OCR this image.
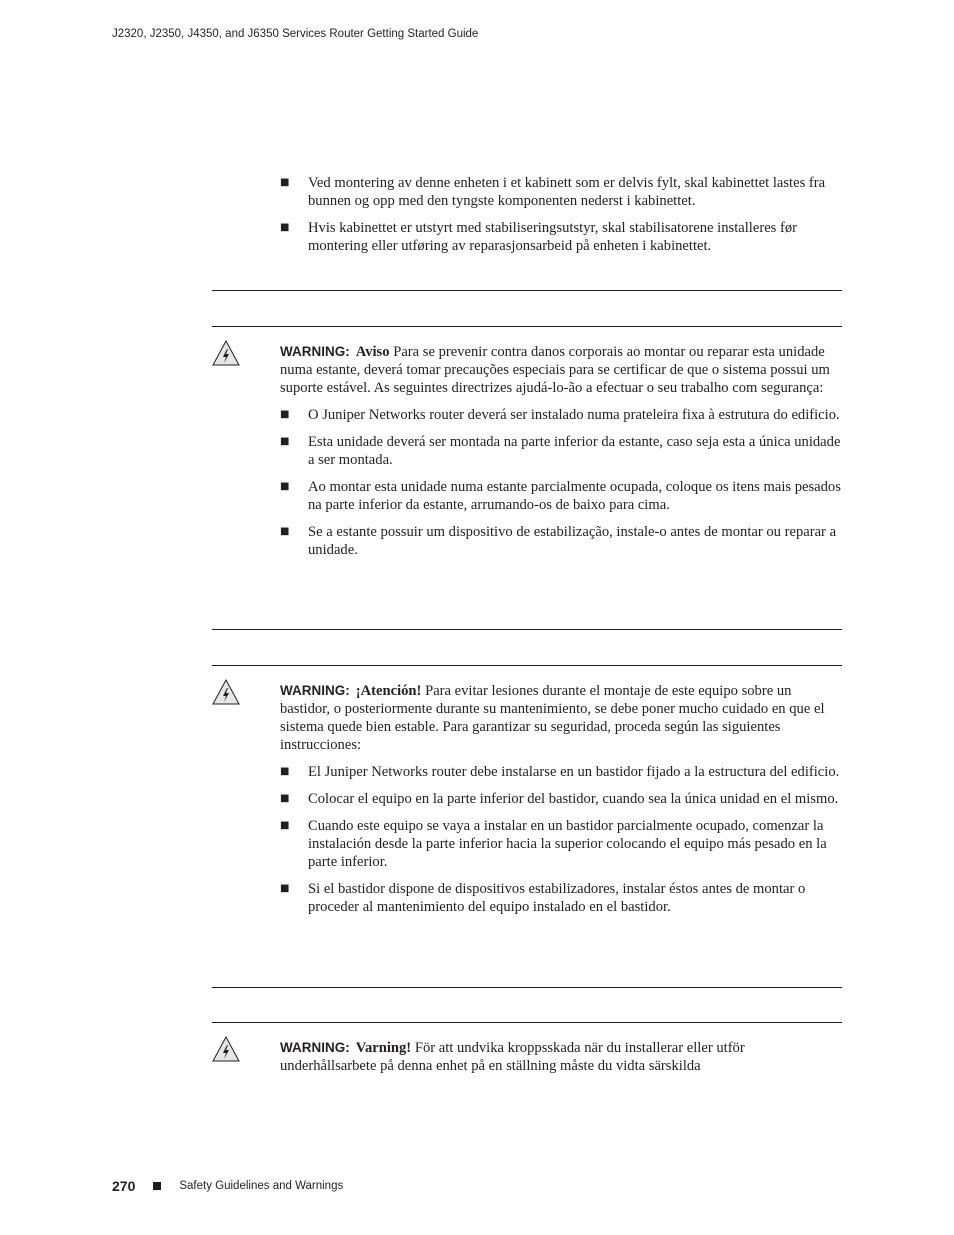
J2320, J2350, J4350, and J6350 Services Router Getting Started Guide
■ Ved montering av denne enheten i et kabinett som er delvis fylt, skal kabinettet lastes fra bunnen og opp med den tyngste komponenten nederst i kabinettet.
■ Hvis kabinettet er utstyrt med stabiliseringsutstyr, skal stabilisatorene installeres før montering eller utføring av reparasjonsarbeid på enheten i kabinettet.
WARNING: Aviso Para se prevenir contra danos corporais ao montar ou reparar esta unidade numa estante, deverá tomar precauções especiais para se certificar de que o sistema possui um suporte estável. As seguintes directrizes ajudá-lo-ão a efectuar o seu trabalho com segurança:
■ O Juniper Networks router deverá ser instalado numa prateleira fixa à estrutura do edificio.
■ Esta unidade deverá ser montada na parte inferior da estante, caso seja esta a única unidade a ser montada.
■ Ao montar esta unidade numa estante parcialmente ocupada, coloque os itens mais pesados na parte inferior da estante, arrumando-os de baixo para cima.
■ Se a estante possuir um dispositivo de estabilização, instale-o antes de montar ou reparar a unidade.
WARNING: ¡Atención! Para evitar lesiones durante el montaje de este equipo sobre un bastidor, o posteriormente durante su mantenimiento, se debe poner mucho cuidado en que el sistema quede bien estable. Para garantizar su seguridad, proceda según las siguientes instrucciones:
■ El Juniper Networks router debe instalarse en un bastidor fijado a la estructura del edificio.
■ Colocar el equipo en la parte inferior del bastidor, cuando sea la única unidad en el mismo.
■ Cuando este equipo se vaya a instalar en un bastidor parcialmente ocupado, comenzar la instalación desde la parte inferior hacia la superior colocando el equipo más pesado en la parte inferior.
■ Si el bastidor dispone de dispositivos estabilizadores, instalar éstos antes de montar o proceder al mantenimiento del equipo instalado en el bastidor.
WARNING: Varning! För att undvika kroppsskada när du installerar eller utför underhållsarbete på denna enhet på en ställning måste du vidta särskilda
270	Safety Guidelines and Warnings
